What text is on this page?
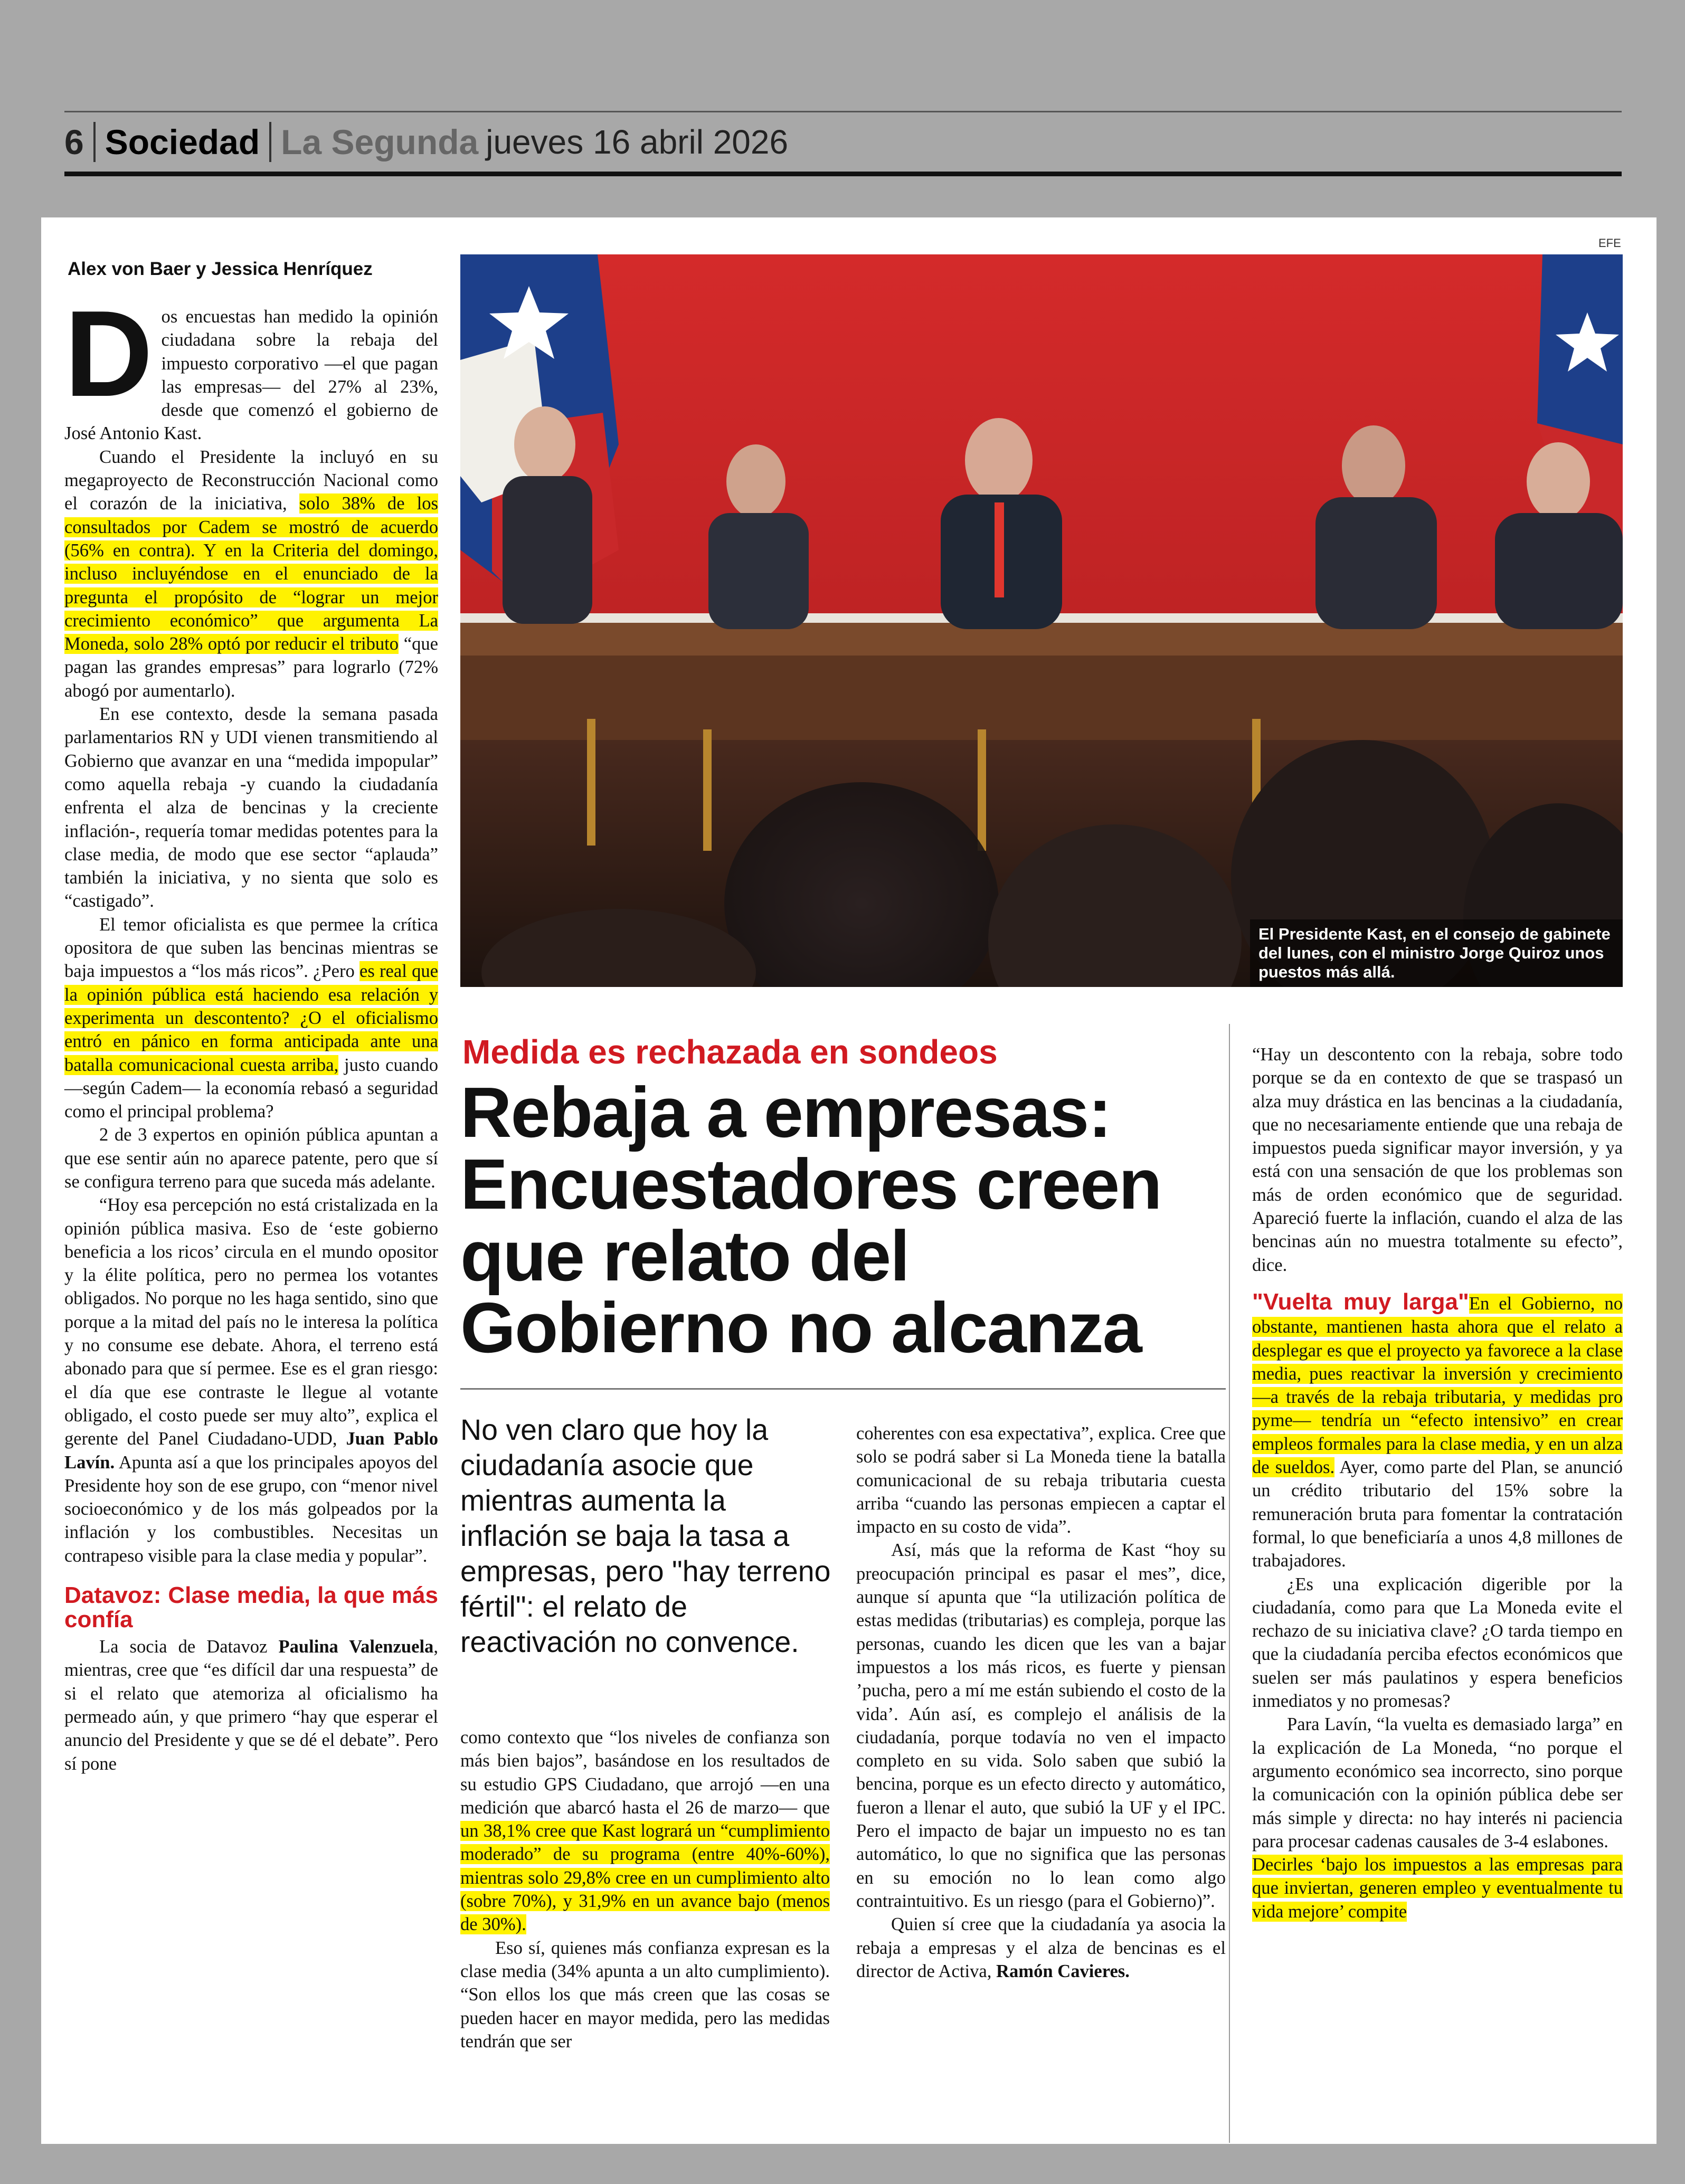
6 Sociedad La Segunda jueves 16 abril 2026
EFE
Alex von Baer y Jessica Henríquez

Dos encuestas han medido la opinión ciudadana sobre la rebaja del impuesto corporativo —el que pagan las empresas— del 27% al 23%, desde que comenzó el gobierno de José Antonio Kast.

Cuando el Presidente la incluyó en su megaproyecto de Reconstrucción Nacional como el corazón de la iniciativa, solo 38% de los consultados por Cadem se mostró de acuerdo (56% en contra). Y en la Criteria del domingo, incluso incluyéndose en el enunciado de la pregunta el propósito de “lograr un mejor crecimiento económico” que argumenta La Moneda, solo 28% optó por reducir el tributo “que pagan las grandes empresas” para lograrlo (72% abogó por aumentarlo).

En ese contexto, desde la semana pasada parlamentarios RN y UDI vienen transmitiendo al Gobierno que avanzar en una “medida impopular” como aquella rebaja -y cuando la ciudadanía enfrenta el alza de bencinas y la creciente inflación-, requería tomar medidas potentes para la clase media, de modo que ese sector “aplauda” también la iniciativa, y no sienta que solo es “castigado”.

El temor oficialista es que permee la crítica opositora de que suben las bencinas mientras se baja impuestos a “los más ricos”. ¿Pero es real que la opinión pública está haciendo esa relación y experimenta un descontento? ¿O el oficialismo entró en pánico en forma anticipada ante una batalla comunicacional cuesta arriba, justo cuando —según Cadem— la economía rebasó a seguridad como el principal problema?

2 de 3 expertos en opinión pública apuntan a que ese sentir aún no aparece patente, pero que sí se configura terreno para que suceda más adelante.

“Hoy esa percepción no está cristalizada en la opinión pública masiva. Eso de ‘este gobierno beneficia a los ricos’ circula en el mundo opositor y la élite política, pero no permea los votantes obligados. No porque no les haga sentido, sino que porque a la mitad del país no le interesa la política y no consume ese debate. Ahora, el terreno está abonado para que sí permee. Ese es el gran riesgo: el día que ese contraste le llegue al votante obligado, el costo puede ser muy alto”, explica el gerente del Panel Ciudadano-UDD, Juan Pablo Lavín. Apunta así a que los principales apoyos del Presidente hoy son de ese grupo, con “menor nivel socioeconómico y de los más golpeados por la inflación y los combustibles. Necesitas un contrapeso visible para la clase media y popular”.

Datavoz: Clase media, la que más confía

La socia de Datavoz Paulina Valenzuela, mientras, cree que “es difícil dar una respuesta” de si el relato que atemoriza al oficialismo ha permeado aún, y que primero “hay que esperar el anuncio del Presidente y que se dé el debate”. Pero sí pone

El Presidente Kast, en el consejo de gabinete del lunes, con el ministro Jorge Quiroz unos puestos más allá.
Medida es rechazada en sondeos
Rebaja a empresas: Encuestadores creen que relato del Gobierno no alcanza
No ven claro que hoy la ciudadanía asocie que mientras aumenta la inflación se baja la tasa a empresas, pero "hay terreno fértil": el relato de reactivación no convence.

como contexto que “los niveles de confianza son más bien bajos”, basándose en los resultados de su estudio GPS Ciudadano, que arrojó —en una medición que abarcó hasta el 26 de marzo— que un 38,1% cree que Kast logrará un “cumplimiento moderado” de su programa (entre 40%-60%), mientras solo 29,8% cree en un cumplimiento alto (sobre 70%), y 31,9% en un avance bajo (menos de 30%).

Eso sí, quienes más confianza expresan es la clase media (34% apunta a un alto cumplimiento). “Son ellos los que más creen que las cosas se pueden hacer en mayor medida, pero las medidas tendrán que ser

coherentes con esa expectativa”, explica. Cree que solo se podrá saber si La Moneda tiene la batalla comunicacional de su rebaja tributaria cuesta arriba “cuando las personas empiecen a captar el impacto en su costo de vida”.

Así, más que la reforma de Kast “hoy su preocupación principal es pasar el mes”, dice, aunque sí apunta que “la utilización política de estas medidas (tributarias) es compleja, porque las personas, cuando les dicen que les van a bajar impuestos a los más ricos, es fuerte y piensan ’pucha, pero a mí me están subiendo el costo de la vida’. Aún así, es complejo el análisis de la ciudadanía, porque todavía no ven el impacto completo en su vida. Solo saben que subió la bencina, porque es un efecto directo y automático, fueron a llenar el auto, que subió la UF y el IPC. Pero el impacto de bajar un impuesto no es tan automático, lo que no significa que las personas en su emoción no lo lean como algo contraintuitivo. Es un riesgo (para el Gobierno)”.

Quien sí cree que la ciudadanía ya asocia la rebaja a empresas y el alza de bencinas es el director de Activa, Ramón Cavieres.

“Hay un descontento con la rebaja, sobre todo porque se da en contexto de que se traspasó un alza muy drástica en las bencinas a la ciudadanía, que no necesariamente entiende que una rebaja de impuestos pueda significar mayor inversión, y ya está con una sensación de que los problemas son más de orden económico que de seguridad. Apareció fuerte la inflación, cuando el alza de las bencinas aún no muestra totalmente su efecto”, dice.

"Vuelta muy larga"En el Gobierno, no obstante, mantienen hasta ahora que el relato a desplegar es que el proyecto ya favorece a la clase media, pues reactivar la inversión y crecimiento —a través de la rebaja tributaria, y medidas pro pyme— tendría un “efecto intensivo” en crear empleos formales para la clase media, y en un alza de sueldos. Ayer, como parte del Plan, se anunció un crédito tributario del 15% sobre la remuneración bruta para fomentar la contratación formal, lo que beneficiaría a unos 4,8 millones de trabajadores.

¿Es una explicación digerible por la ciudadanía, como para que La Moneda evite el rechazo de su iniciativa clave? ¿O tarda tiempo en que la ciudadanía perciba efectos económicos que suelen ser más paulatinos y espera beneficios inmediatos y no promesas?

Para Lavín, “la vuelta es demasiado larga” en la explicación de La Moneda, “no porque el argumento económico sea incorrecto, sino porque la comunicación con la opinión pública debe ser más simple y directa: no hay interés ni paciencia para procesar cadenas causales de 3-4 eslabones.

Decirles ‘bajo los impuestos a las empresas para que inviertan, generen empleo y eventualmente tu vida mejore’ compite
